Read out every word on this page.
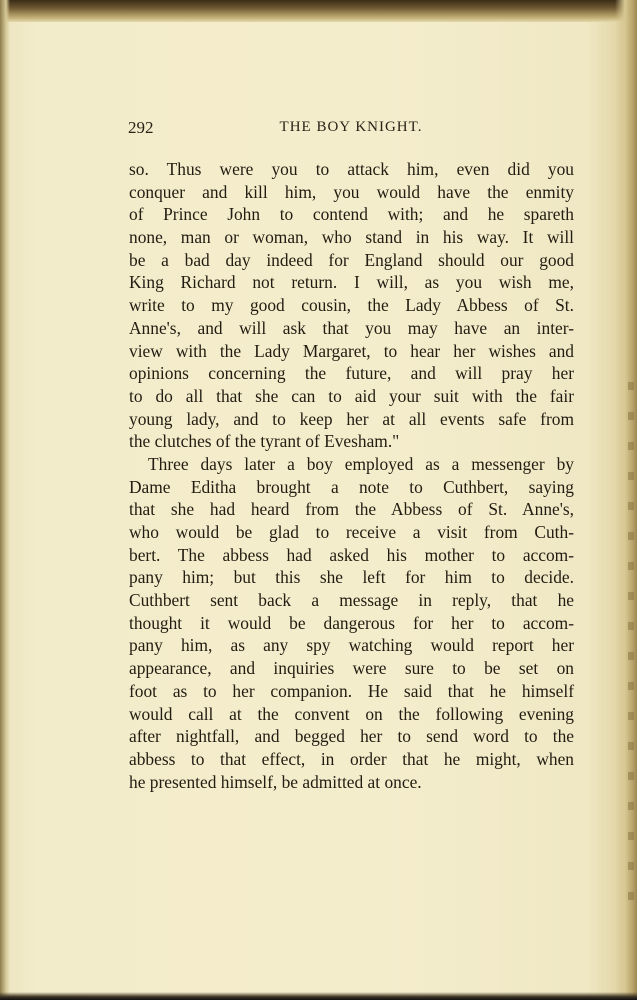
292	THE BOY KNIGHT.
so. Thus were you to attack him, even did you
conquer and kill him, you would have the enmity
of Prince John to contend with; and he spareth
none, man or woman, who stand in his way. It will
be a bad day indeed for England should our good
King Richard not return. I will, as you wish me,
write to my good cousin, the Lady Abbess of St.
Anne's, and will ask that you may have an inter-
view with the Lady Margaret, to hear her wishes and
opinions concerning the future, and will pray her
to do all that she can to aid your suit with the fair
young lady, and to keep her at all events safe from
the clutches of the tyrant of Evesham."
Three days later a boy employed as a messenger by
Dame Editha brought a note to Cuthbert, saying
that she had heard from the Abbess of St. Anne's,
who would be glad to receive a visit from Cuth-
bert. The abbess had asked his mother to accom-
pany him; but this she left for him to decide.
Cuthbert sent back a message in reply, that he
thought it would be dangerous for her to accom-
pany him, as any spy watching would report her
appearance, and inquiries were sure to be set on
foot as to her companion. He said that he himself
would call at the convent on the following evening
after nightfall, and begged her to send word to the
abbess to that effect, in order that he might, when
he presented himself, be admitted at once.
